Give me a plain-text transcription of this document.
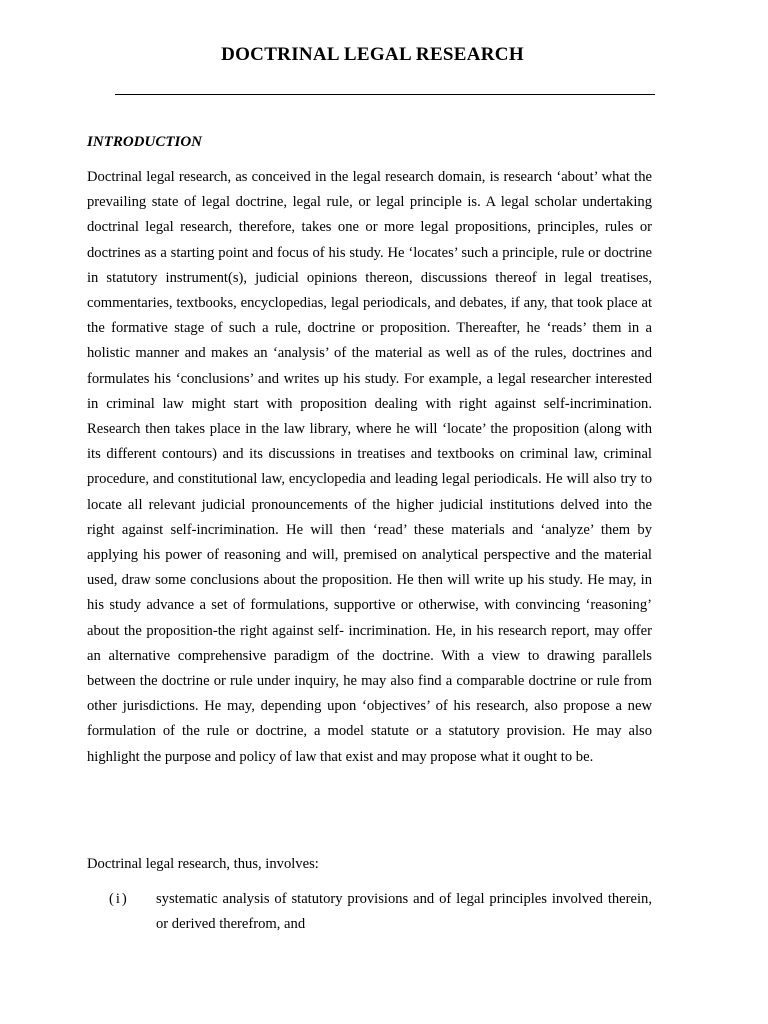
DOCTRINAL LEGAL RESEARCH
INTRODUCTION

Doctrinal legal research, as conceived in the legal research domain, is research ‘about’ what the prevailing state of legal doctrine, legal rule, or legal principle is. A legal scholar undertaking doctrinal legal research, therefore, takes one or more legal propositions, principles, rules or doctrines as a starting point and focus of his study. He ‘locates’ such a principle, rule or doctrine in statutory instrument(s), judicial opinions thereon, discussions thereof in legal treatises, commentaries, textbooks, encyclopedias, legal periodicals, and debates, if any, that took place at the formative stage of such a rule, doctrine or proposition. Thereafter, he ‘reads’ them in a holistic manner and makes an ‘analysis’ of the material as well as of the rules, doctrines and formulates his ‘conclusions’ and writes up his study. For example, a legal researcher interested in criminal law might start with proposition dealing with right against self-incrimination. Research then takes place in the law library, where he will ‘locate’ the proposition (along with its different contours) and its discussions in treatises and textbooks on criminal law, criminal procedure, and constitutional law, encyclopedia and leading legal periodicals. He will also try to locate all relevant judicial pronouncements of the higher judicial institutions delved into the right against self-incrimination. He will then ‘read’ these materials and ‘analyze’ them by applying his power of reasoning and will, premised on analytical perspective and the material used, draw some conclusions about the proposition. He then will write up his study. He may, in his study advance a set of formulations, supportive or otherwise, with convincing ‘reasoning’ about the proposition-the right against self- incrimination. He, in his research report, may offer an alternative comprehensive paradigm of the doctrine. With a view to drawing parallels between the doctrine or rule under inquiry, he may also find a comparable doctrine or rule from other jurisdictions. He may, depending upon ‘objectives’ of his research, also propose a new formulation of the rule or doctrine, a model statute or a statutory provision. He may also highlight the purpose and policy of law that exist and may propose what it ought to be.

Doctrinal legal research, thus, involves:

(i) systematic analysis of statutory provisions and of legal principles involved therein, or derived therefrom, and
